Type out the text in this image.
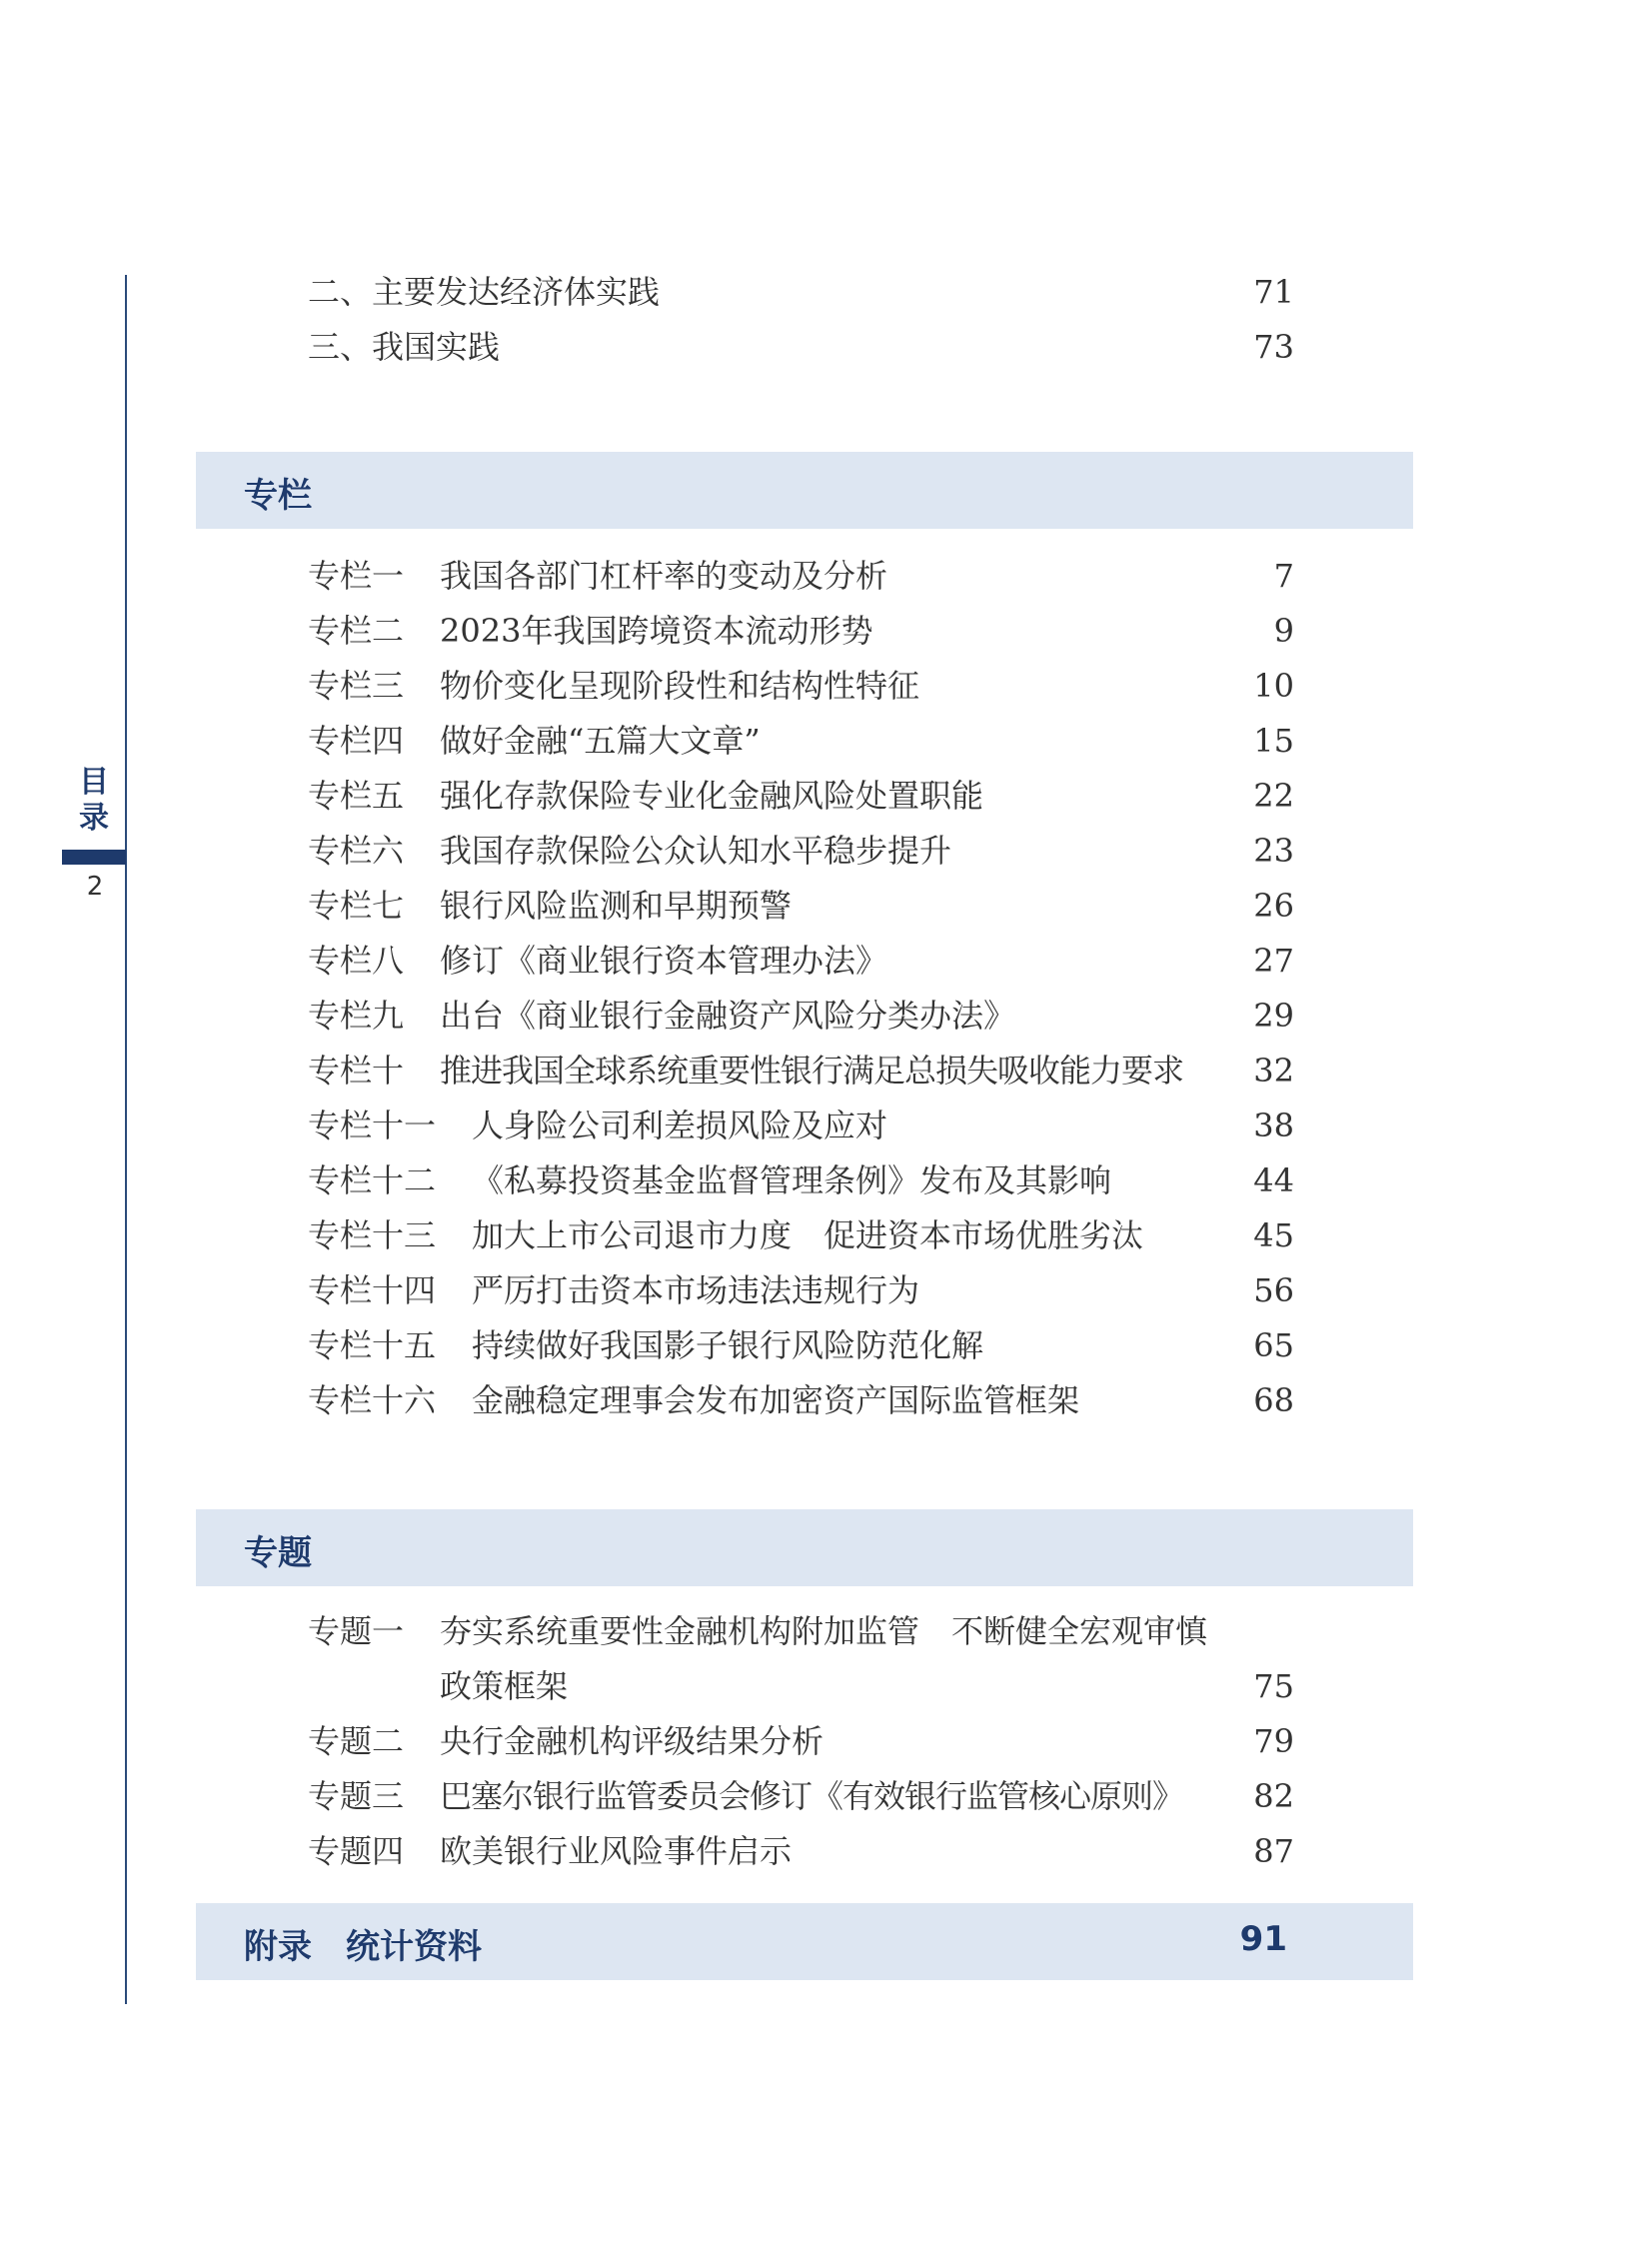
目
录
2
二、主要发达经济体实践	71
三、我国实践	73
专栏
专栏一 我国各部门杠杆率的变动及分析	7
专栏二 2023年我国跨境资本流动形势	9
专栏三 物价变化呈现阶段性和结构性特征	10
专栏四 做好金融“五篇大文章”	15
专栏五 强化存款保险专业化金融风险处置职能	22
专栏六 我国存款保险公众认知水平稳步提升	23
专栏七 银行风险监测和早期预警	26
专栏八 修订《商业银行资本管理办法》	27
专栏九 出台《商业银行金融资产风险分类办法》	29
专栏十 推进我国全球系统重要性银行满足总损失吸收能力要求 32
专栏十一 人身险公司利差损风险及应对	38
专栏十二 《私募投资基金监督管理条例》发布及其影响	44
专栏十三 加大上市公司退市力度　促进资本市场优胜劣汰	45
专栏十四 严厉打击资本市场违法违规行为	56
专栏十五 持续做好我国影子银行风险防范化解	65
专栏十六 金融稳定理事会发布加密资产国际监管框架	68
专题
专题一 夯实系统重要性金融机构附加监管　不断健全宏观审慎
政策框架	75
专题二 央行金融机构评级结果分析	79
专题三 巴塞尔银行监管委员会修订《有效银行监管核心原则》 82
专题四 欧美银行业风险事件启示	87
附录　统计资料	91
